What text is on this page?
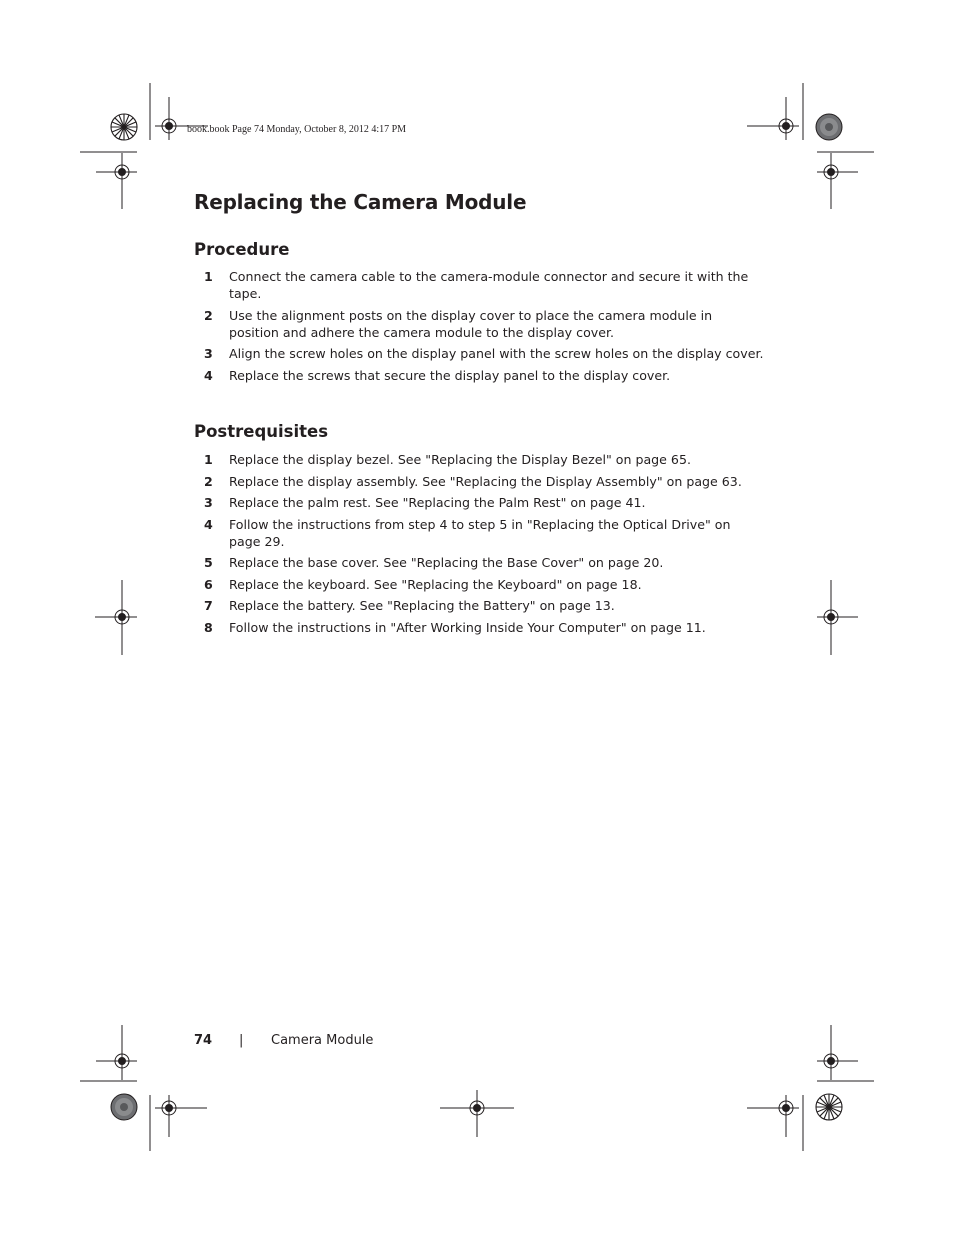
book.book Page 74 Monday, October 8, 2012 4:17 PM
Replacing the Camera Module
Procedure
1 Connect the camera cable to the camera-module connector and secure it with the tape.
2 Use the alignment posts on the display cover to place the camera module in position and adhere the camera module to the display cover.
3 Align the screw holes on the display panel with the screw holes on the display cover.
4 Replace the screws that secure the display panel to the display cover.
Postrequisites
1 Replace the display bezel. See "Replacing the Display Bezel" on page 65.
2 Replace the display assembly. See "Replacing the Display Assembly" on page 63.
3 Replace the palm rest. See "Replacing the Palm Rest" on page 41.
4 Follow the instructions from step 4 to step 5 in "Replacing the Optical Drive" on page 29.
5 Replace the base cover. See "Replacing the Base Cover" on page 20.
6 Replace the keyboard. See "Replacing the Keyboard" on page 18.
7 Replace the battery. See "Replacing the Battery" on page 13.
8 Follow the instructions in "After Working Inside Your Computer" on page 11.
74 | Camera Module
